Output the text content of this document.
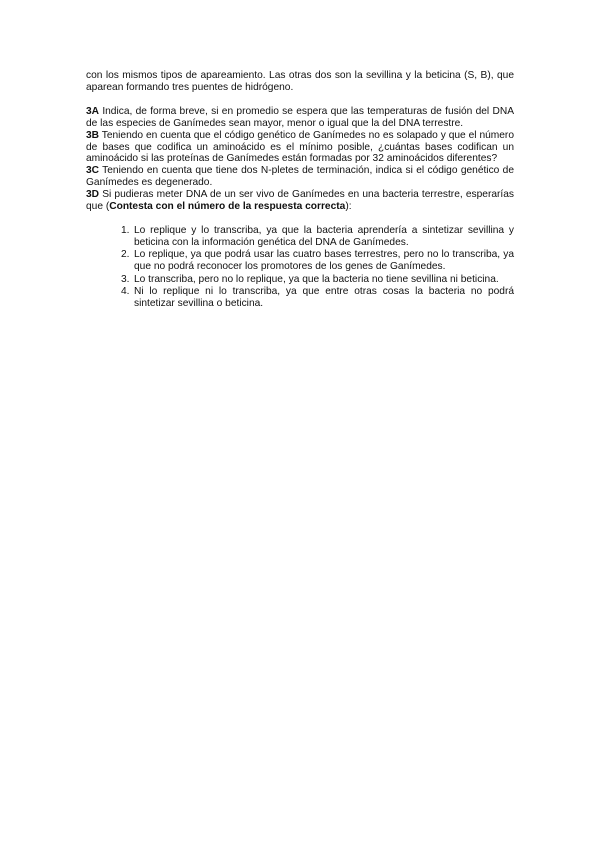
con los mismos tipos de apareamiento. Las otras dos son la sevillina y la beticina (S, B), que aparean formando tres puentes de hidrógeno.

3A Indica, de forma breve, si en promedio se espera que las temperaturas de fusión del DNA de las especies de Ganímedes sean mayor, menor o igual que la del DNA terrestre.

3B Teniendo en cuenta que el código genético de Ganímedes no es solapado y que el número de bases que codifica un aminoácido es el mínimo posible, ¿cuántas bases codifican un aminoácido si las proteínas de Ganímedes están formadas por 32 aminoácidos diferentes?

3C Teniendo en cuenta que tiene dos N-pletes de terminación, indica si el código genético de Ganímedes es degenerado.

3D Si pudieras meter DNA de un ser vivo de Ganímedes en una bacteria terrestre, esperarías que (Contesta con el número de la respuesta correcta):

1. Lo replique y lo transcriba, ya que la bacteria aprendería a sintetizar sevillina y beticina con la información genética del DNA de Ganímedes.
2. Lo replique, ya que podrá usar las cuatro bases terrestres, pero no lo transcriba, ya que no podrá reconocer los promotores de los genes de Ganímedes.
3. Lo transcriba, pero no lo replique, ya que la bacteria no tiene sevillina ni beticina.
4. Ni lo replique ni lo transcriba, ya que entre otras cosas la bacteria no podrá sintetizar sevillina o beticina.
